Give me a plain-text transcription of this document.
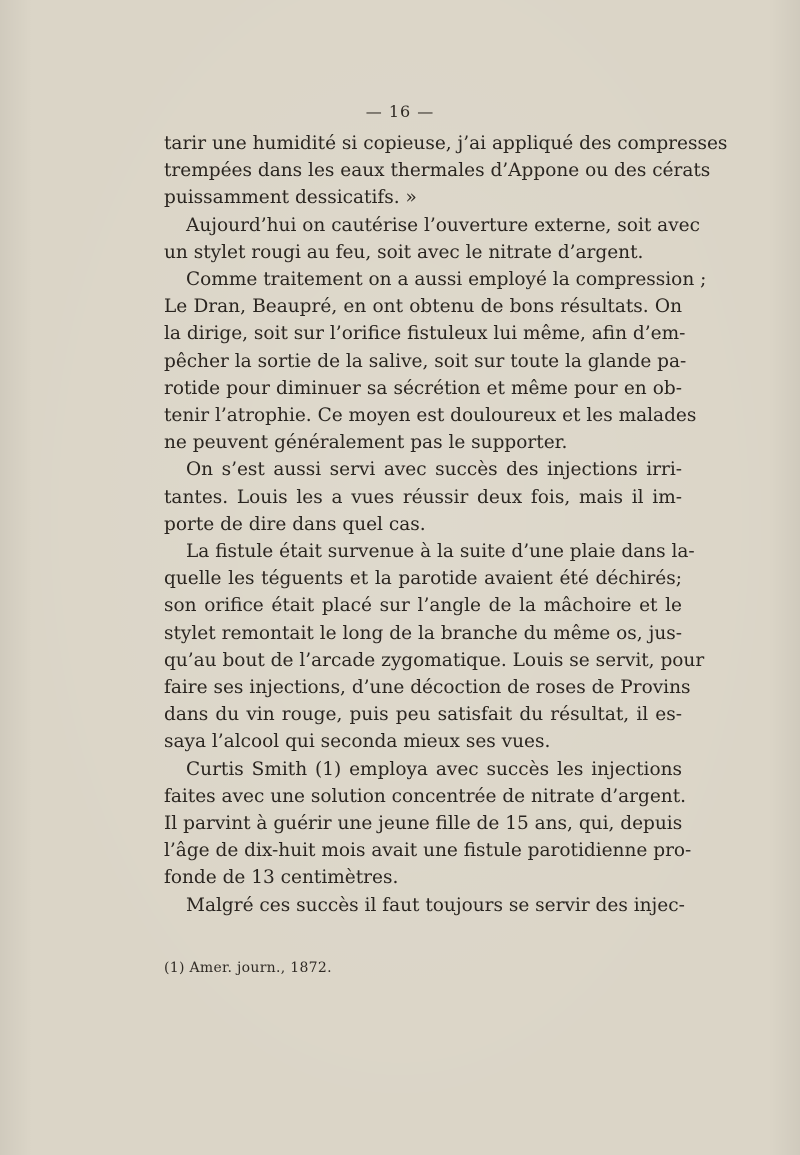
— 16 —
tarir une humidité si copieuse, j’ai appliqué des compresses
trempées dans les eaux thermales d’Appone ou des cérats
puissamment dessicatifs. »
Aujourd’hui on cautérise l’ouverture externe, soit avec
un stylet rougi au feu, soit avec le nitrate d’argent.
Comme traitement on a aussi employé la compression ;
Le Dran, Beaupré, en ont obtenu de bons résultats. On
la dirige, soit sur l’orifice fistuleux lui même, afin d’em-
pêcher la sortie de la salive, soit sur toute la glande pa-
rotide pour diminuer sa sécrétion et même pour en ob-
tenir l’atrophie. Ce moyen est douloureux et les malades
ne peuvent généralement pas le supporter.
On s’est aussi servi avec succès des injections irri-
tantes. Louis les a vues réussir deux fois, mais il im-
porte de dire dans quel cas.
La fistule était survenue à la suite d’une plaie dans la-
quelle les téguents et la parotide avaient été déchirés;
son orifice était placé sur l’angle de la mâchoire et le
stylet remontait le long de la branche du même os, jus-
qu’au bout de l’arcade zygomatique. Louis se servit, pour
faire ses injections, d’une décoction de roses de Provins
dans du vin rouge, puis peu satisfait du résultat, il es-
saya l’alcool qui seconda mieux ses vues.
Curtis Smith (1) employa avec succès les injections
faites avec une solution concentrée de nitrate d’argent.
Il parvint à guérir une jeune fille de 15 ans, qui, depuis
l’âge de dix-huit mois avait une fistule parotidienne pro-
fonde de 13 centimètres.
Malgré ces succès il faut toujours se servir des injec-
(1) Amer. journ., 1872.
